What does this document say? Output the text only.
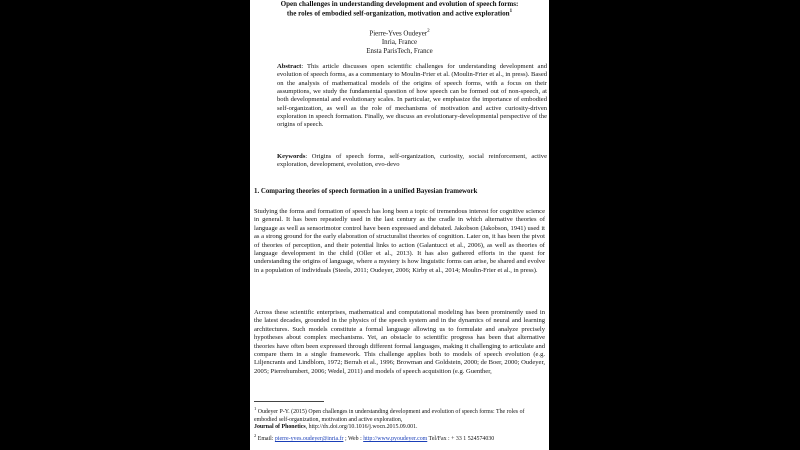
Open challenges in understanding development and evolution of speech forms:
the roles of embodied self-organization, motivation and active exploration$^1$
Pierre-Yves Oudeyer$^2$
Inria, France
Ensta ParisTech, France
Abstract: This article discusses open scientific challenges for understanding development and evolution of speech forms, as a commentary to Moulin-Frier et al. (Moulin-Frier et al., in press). Based on the analysis of mathematical models of the origins of speech forms, with a focus on their assumptions, we study the fundamental question of how speech can be formed out of non-speech, at both developmental and evolutionary scales. In particular, we emphasize the importance of embodied self-organization, as well as the role of mechanisms of motivation and active curiosity-driven exploration in speech formation. Finally, we discuss an evolutionary-developmental perspective of the origins of speech.
Keywords: Origins of speech forms, self-organization, curiosity, social reinforcement, active exploration, development, evolution, evo-devo
1. Comparing theories of speech formation in a unified Bayesian framework
Studying the forms and formation of speech has long been a topic of tremendous interest for cognitive science in general. It has been repeatedly used in the last century as the cradle in which alternative theories of language as well as sensorimotor control have been expressed and debated. Jakobson (Jakobson, 1941) used it as a strong ground for the early elaboration of structuralist theories of cognition. Later on, it has been the pivot of theories of perception, and their potential links to action (Galantucci et al., 2006), as well as theories of language development in the child (Oller et al., 2013). It has also gathered efforts in the quest for understanding the origins of language, where a mystery is how linguistic forms can arise, be shared and evolve in a population of individuals (Steels, 2011; Oudeyer, 2006; Kirby et al., 2014; Moulin-Frier et al., in press).
Across these scientific enterprises, mathematical and computational modeling has been prominently used in the latest decades, grounded in the physics of the speech system and in the dynamics of neural and learning architectures. Such models constitute a formal language allowing us to formulate and analyze precisely hypotheses about complex mechanisms. Yet, an obstacle to scientific progress has been that alternative theories have often been expressed through different formal languages, making it challenging to articulate and compare them in a single framework. This challenge applies both to models of speech evolution (e.g. Liljencrants and Lindblom, 1972; Berrah et al., 1996; Browman and Goldstein, 2000; de Boer, 2000; Oudeyer, 2005; Pierrehumbert, 2006; Wedel, 2011) and models of speech acquisition (e.g. Guenther,
$^1$ Oudeyer P-Y. (2015) Open challenges in understanding development and evolution of speech forms: The roles of embodied self-organization, motivation and active exploration,
Journal of Phonetics, http://dx.doi.org/10.1016/j.wocn.2015.09.001.
$^2$ Email: pierre-yves.oudeyer@inria.fr ; Web : http://www.pyoudeyer.com Tel/Fax : + 33 1 524574030
